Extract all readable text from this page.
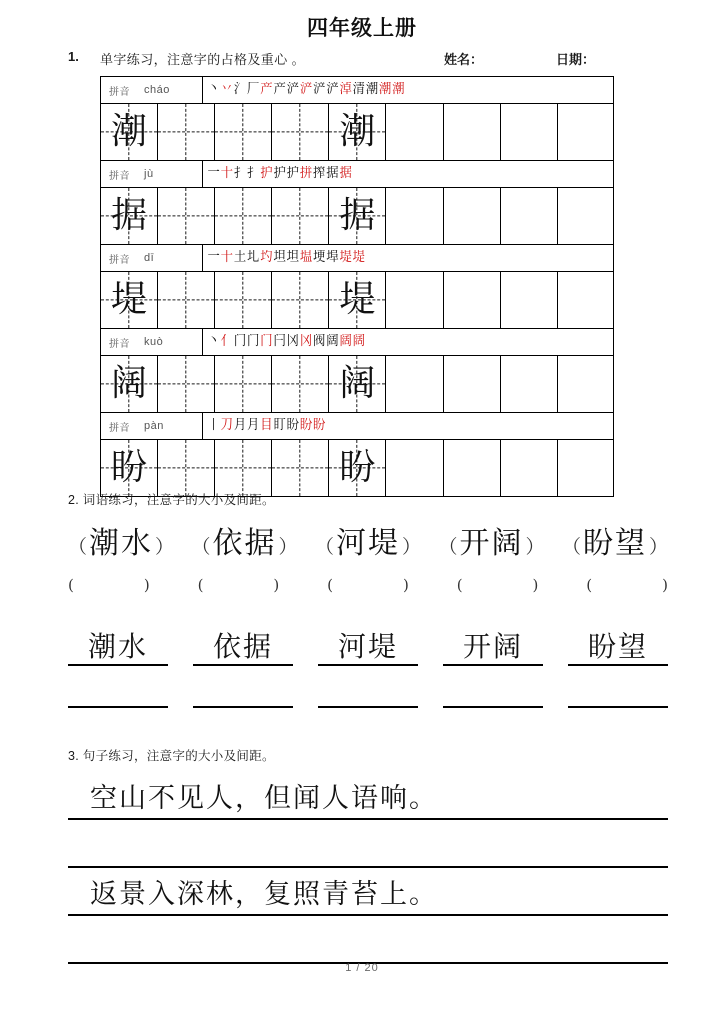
四年级上册
1. 单字练习，注意字的占格及重心 。	姓名：	日期：
拼音 cháo	丶丷氵厂产产浐浐浐浐淖清潮潮潮
潮	潮
拼音 jù	一十扌扌护护护拼搾据据
据	据
拼音 dī	一十土圠圴坦坦塭埂埠堤堤
堤	堤
拼音 kuò	丶亻门门门闩冈冈阀阔阔阔
阔	阔
拼音 pàn	丨刀月月目盯盼盼盼
盼	盼
2. 词语练习，注意字的大小及间距。
（ 潮水 ） （ 依据 ） （ 河堤 ） （ 开阔 ） （ 盼望 ）
(	)	(	)	(	)	(	)	(	)
潮水	依据	河堤	开阔	盼望
3. 句子练习，注意字的大小及间距。
空山不见人，但闻人语响。
返景入深林，复照青苔上。
1 / 20
